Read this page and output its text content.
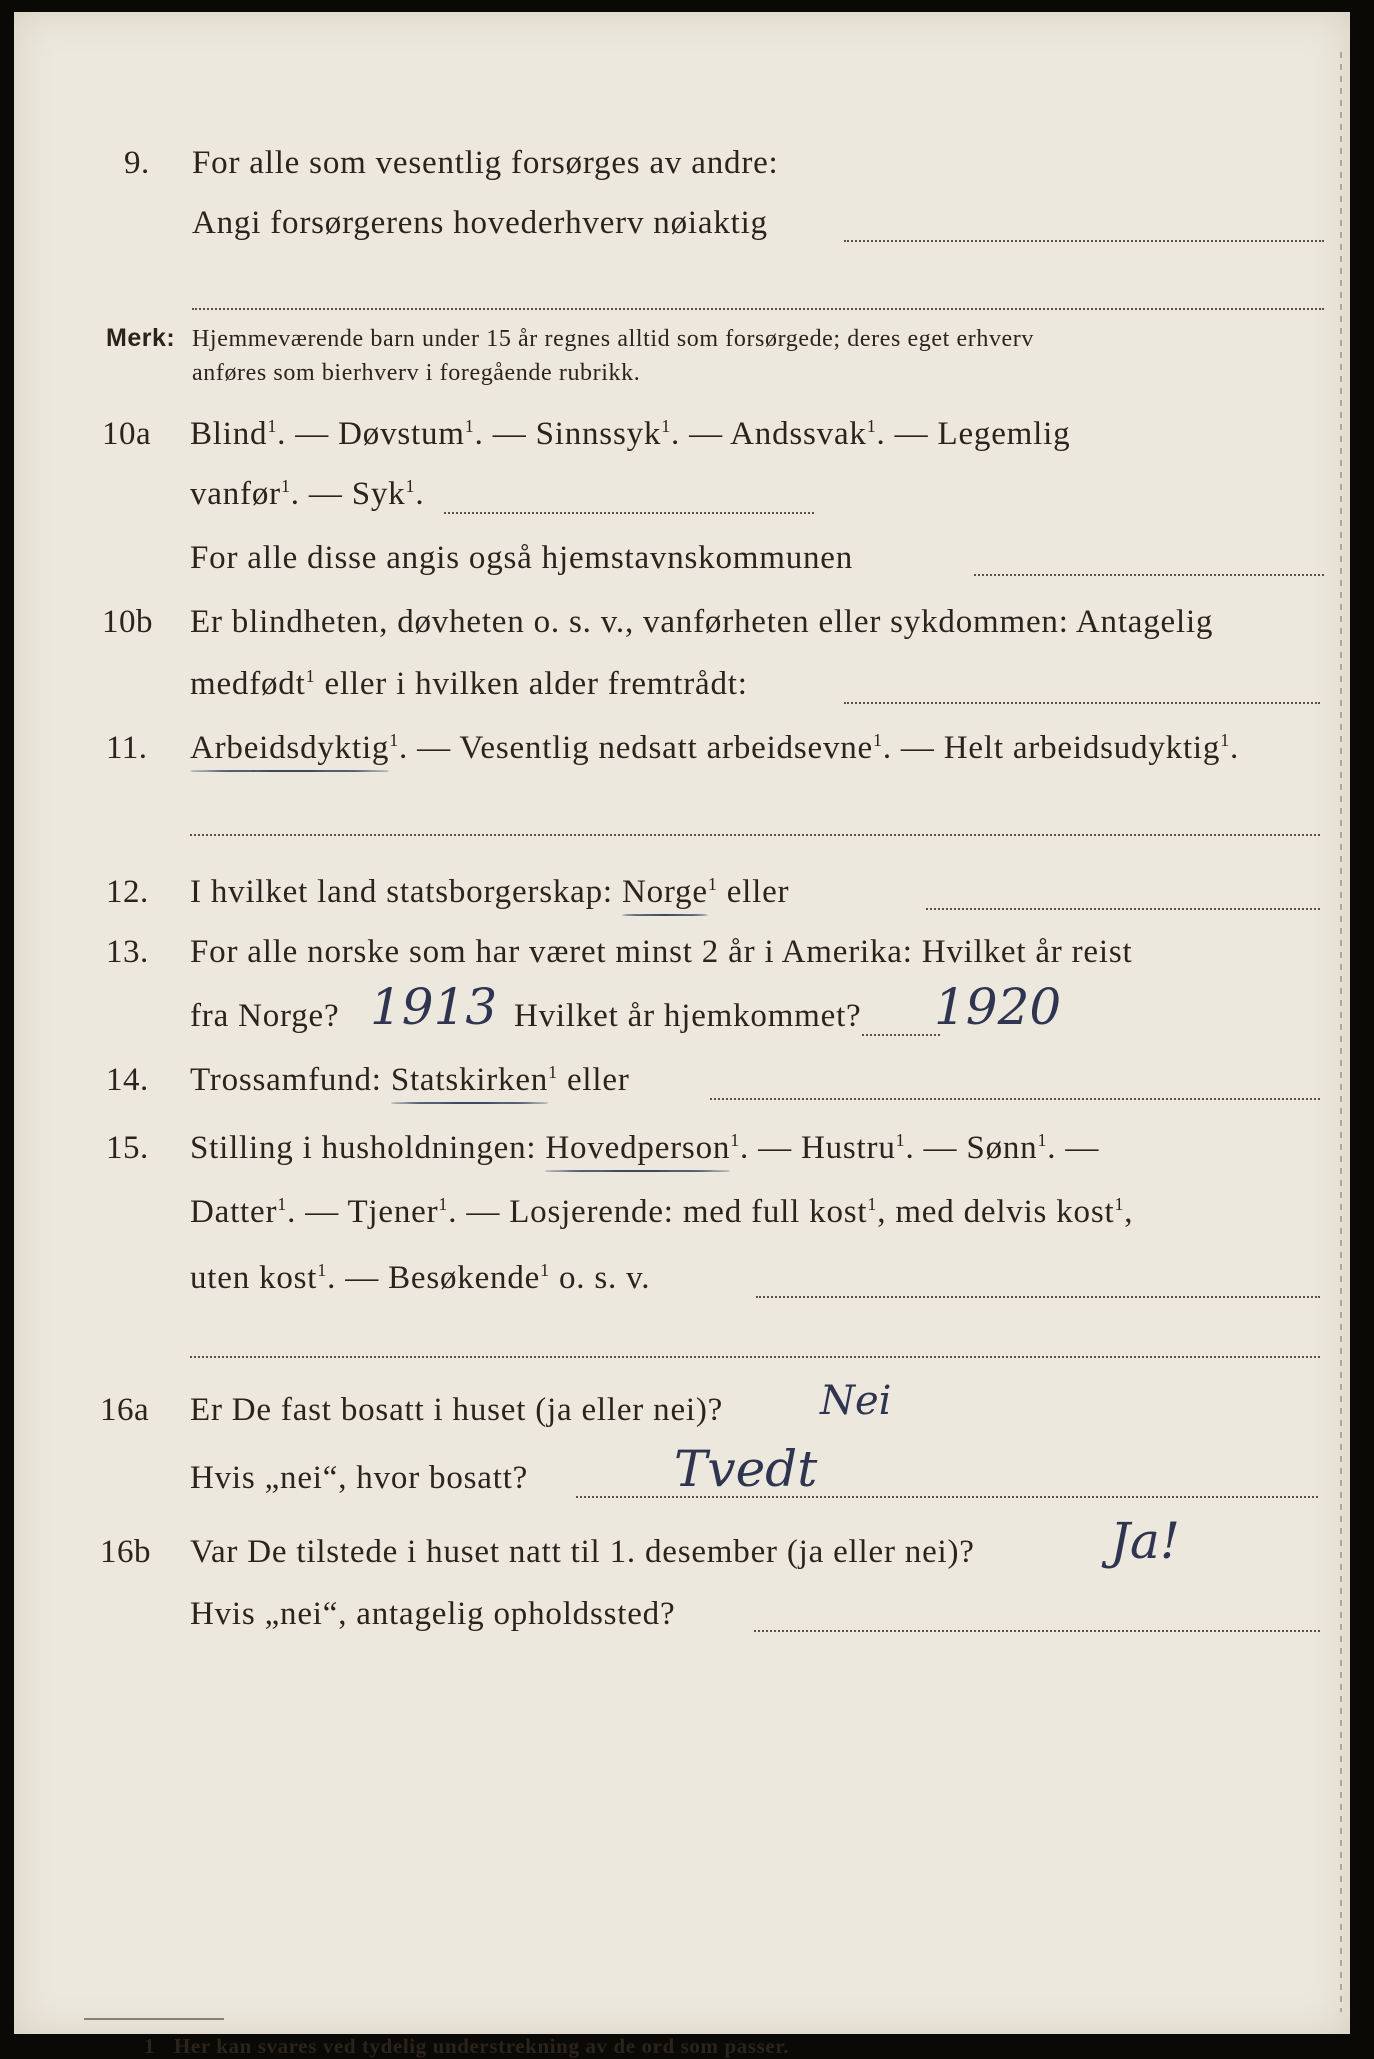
9. For alle som vesentlig forsørges av andre:
Angi forsørgerens hovederhverv nøiaktig
Merk: Hjemmeværende barn under 15 år regnes alltid som forsørgede; deres eget erhverv
anføres som bierhverv i foregående rubrikk.
10a Blind$^1$. — Døvstum$^1$. — Sinnssyk$^1$. — Andssvak$^1$. — Legemlig
vanfør$^1$. — Syk$^1$.
For alle disse angis også hjemstavnskommunen
10b Er blindheten, døvheten o. s. v., vanførheten eller sykdommen: Antagelig
medfødt$^1$ eller i hvilken alder fremtrådt:
11. Arbeidsdyktig$^1$. — Vesentlig nedsatt arbeidsevne$^1$. — Helt arbeidsudyktig$^1$.
12. I hvilket land statsborgerskap: Norge$^1$ eller
13. For alle norske som har været minst 2 år i Amerika: Hvilket år reist
fra Norge? 1913 Hvilket år hjemkommet? 1920
14. Trossamfund: Statskirken$^1$ eller
15. Stilling i husholdningen: Hovedperson$^1$. — Hustru$^1$. — Sønn$^1$. —
Datter$^1$. — Tjener$^1$. — Losjerende: med full kost$^1$, med delvis kost$^1$,
uten kost$^1$. — Besøkende$^1$ o. s. v.
16a Er De fast bosatt i huset (ja eller nei)? Nei
Hvis „nei“, hvor bosatt?	Tvedt
16b Var De tilstede i huset natt til 1. desember (ja eller nei)?	Ja!
Hvis „nei“, antagelig opholdssted?
1 Her kan svares ved tydelig understrekning av de ord som passer.
